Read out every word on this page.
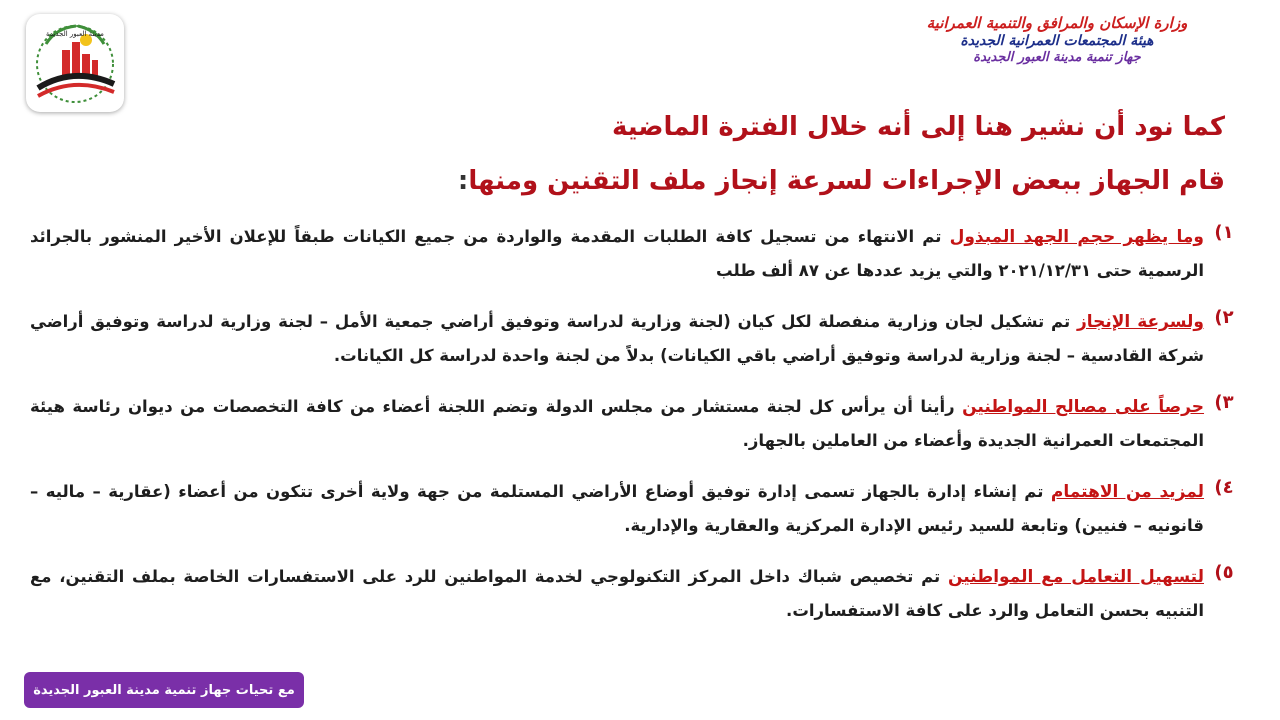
مدينة العبور الجديدة
وزارة الإسكان والمرافق والتنمية العمرانية
هيئة المجتمعات العمرانية الجديدة
جهاز تنمية مدينة العبور الجديدة
كما نود أن نشير هنا إلى أنه خلال الفترة الماضية
قام الجهاز ببعض الإجراءات لسرعة إنجاز ملف التقنين ومنها:
١)
وما يظهر حجم الجهد المبذول تم الانتهاء من تسجيل كافة الطلبات المقدمة والواردة من جميع الكيانات طبقاً للإعلان الأخير المنشور بالجرائد الرسمية حتى ٢٠٢١/١٢/٣١ والتي يزيد عددها عن ٨٧ ألف طلب
٢)
ولسرعة الإنجاز تم تشكيل لجان وزارية منفصلة لكل كيان (لجنة وزارية لدراسة وتوفيق أراضي جمعية الأمل – لجنة وزارية لدراسة وتوفيق أراضي شركة القادسية – لجنة وزارية لدراسة وتوفيق أراضي باقي الكيانات) بدلاً من لجنة واحدة لدراسة كل الكيانات.
٣)
حرصاً على مصالح المواطنين رأينا أن يرأس كل لجنة مستشار من مجلس الدولة وتضم اللجنة أعضاء من كافة التخصصات من ديوان رئاسة هيئة المجتمعات العمرانية الجديدة وأعضاء من العاملين بالجهاز.
٤)
لمزيد من الاهتمام تم إنشاء إدارة بالجهاز تسمى إدارة توفيق أوضاع الأراضي المستلمة من جهة ولاية أخرى تتكون من أعضاء (عقارية – ماليه – قانونيه – فنيين) وتابعة للسيد رئيس الإدارة المركزية والعقارية والإدارية.
٥)
لتسهيل التعامل مع المواطنين تم تخصيص شباك داخل المركز التكنولوجي لخدمة المواطنين للرد على الاستفسارات الخاصة بملف التقنين، مع التنبيه بحسن التعامل والرد على كافة الاستفسارات.
مع تحيات جهاز تنمية مدينة العبور الجديدة
